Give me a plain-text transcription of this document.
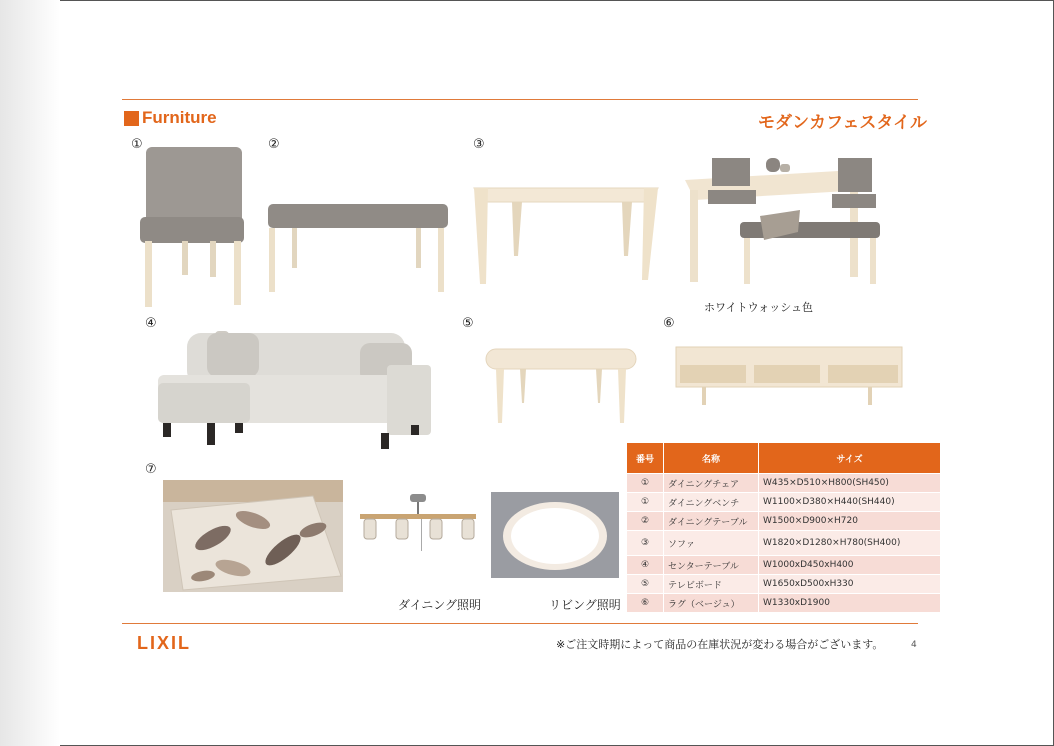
Furniture	モダンカフェスタイル
①	②	③
④	⑤	⑥
⑦
ホワイトウォッシュ色
ダイニング照明	リビング照明
番号	名称	サイズ
①	ダイニングチェア	W435×D510×H800(SH450)
①	ダイニングベンチ	W1100×D380×H440(SH440)
②	ダイニングテーブル	W1500×D900×H720
③	ソファ	W1820×D1280×H780(SH400)
④	センターテーブル	W1000xD450xH400
⑤	テレビボード	W1650xD500xH330
⑥	ラグ（ベージュ）	W1330xD1900
LIXIL	※ご注文時期によって商品の在庫状況が変わる場合がございます。	4
